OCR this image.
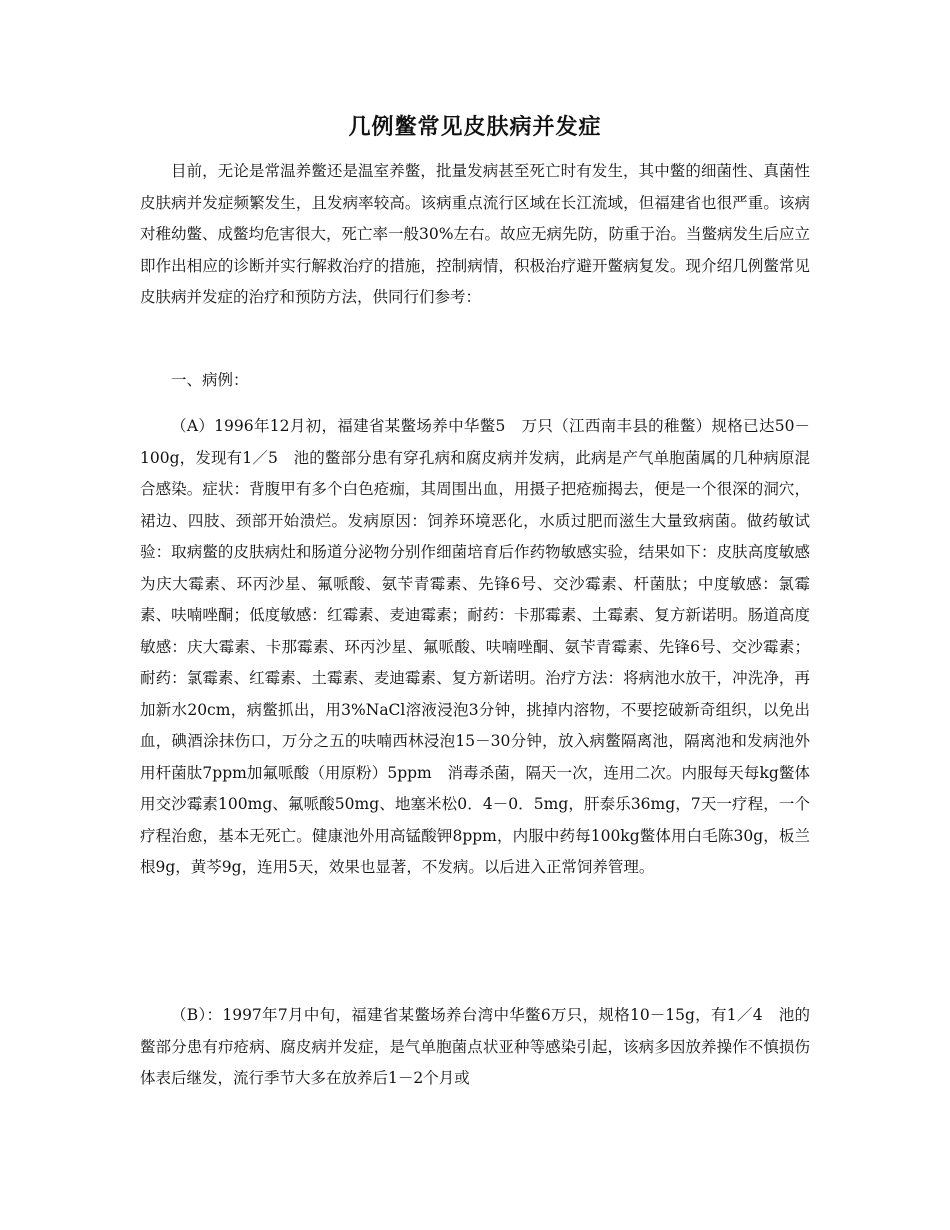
几例鳖常见皮肤病并发症

目前，无论是常温养鳖还是温室养鳖，批量发病甚至死亡时有发生，其中鳖的细菌性、真菌性皮肤病并发症频繁发生，且发病率较高。该病重点流行区域在长江流域，但福建省也很严重。该病对稚幼鳖、成鳖均危害很大，死亡率一般30%左右。故应无病先防，防重于治。当鳖病发生后应立即作出相应的诊断并实行解救治疗的措施，控制病情，积极治疗避开鳖病复发。现介绍几例鳖常见皮肤病并发症的治疗和预防方法，供同行们参考：

一、病例：

（A）1996年12月初，福建省某鳖场养中华鳖5　万只（江西南丰县的稚鳖）规格已达50－100g，发现有1／5　池的鳖部分患有穿孔病和腐皮病并发病，此病是产气单胞菌属的几种病原混合感染。症状：背腹甲有多个白色疮痂，其周围出血，用摄子把疮痂揭去，便是一个很深的洞穴，裙边、四肢、颈部开始溃烂。发病原因：饲养环境恶化，水质过肥而滋生大量致病菌。做药敏试验：取病鳖的皮肤病灶和肠道分泌物分别作细菌培育后作药物敏感实验，结果如下：皮肤高度敏感为庆大霉素、环丙沙星、氟哌酸、氨苄青霉素、先锋6号、交沙霉素、杆菌肽；中度敏感：氯霉素、呋喃唑酮；低度敏感：红霉素、麦迪霉素；耐药：卡那霉素、土霉素、复方新诺明。肠道高度敏感：庆大霉素、卡那霉素、环丙沙星、氟哌酸、呋喃唑酮、氨苄青霉素、先锋6号、交沙霉素；耐药：氯霉素、红霉素、土霉素、麦迪霉素、复方新诺明。治疗方法：将病池水放干，冲洗净，再加新水20cm，病鳖抓出，用3%NaCl溶液浸泡3分钟，挑掉内溶物，不要挖破新奇组织，以免出血，碘酒涂抹伤口，万分之五的呋喃西林浸泡15－30分钟，放入病鳖隔离池，隔离池和发病池外用杆菌肽7ppm加氟哌酸（用原粉）5ppm　消毒杀菌，隔天一次，连用二次。内服每天每kg鳖体用交沙霉素100mg、氟哌酸50mg、地塞米松0．4－0．5mg，肝泰乐36mg，7天一疗程，一个疗程治愈，基本无死亡。健康池外用高锰酸钾8ppm，内服中药每100kg鳖体用白毛陈30g，板兰根9g，黄芩9g，连用5天，效果也显著，不发病。以后进入正常饲养管理。

（B）：1997年7月中旬，福建省某鳖场养台湾中华鳖6万只，规格10－15g，有1／4　池的鳖部分患有疖疮病、腐皮病并发症，是气单胞菌点状亚种等感染引起，该病多因放养操作不慎损伤体表后继发，流行季节大多在放养后1－2个月或
